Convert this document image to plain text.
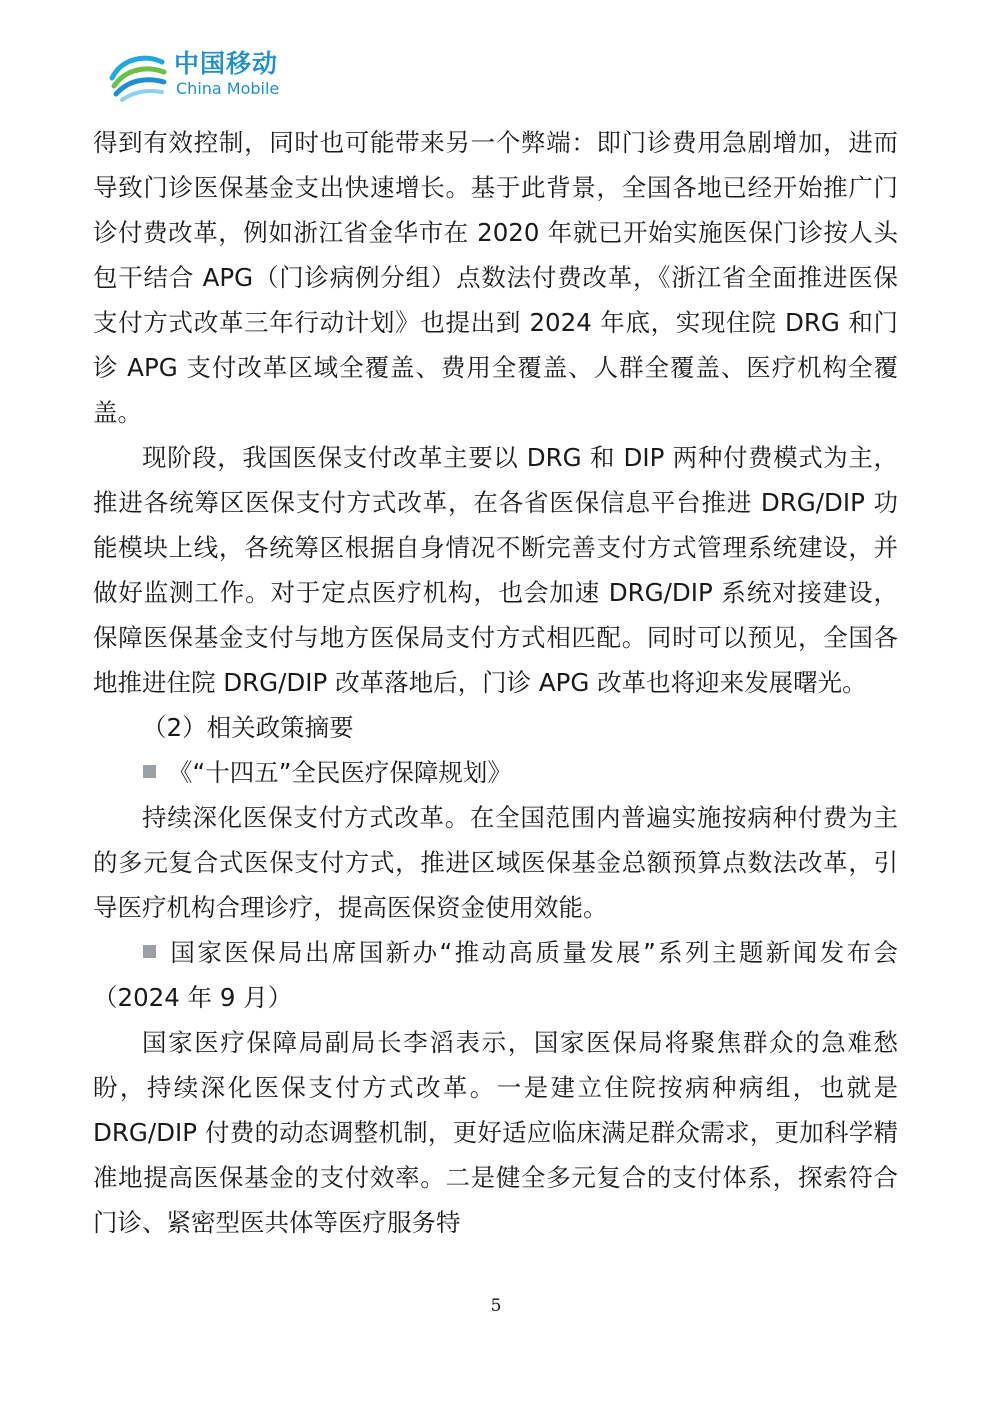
中国移动
China Mobile

得到有效控制，同时也可能带来另一个弊端：即门诊费用急剧增加，进而导致门诊医保基金支出快速增长。基于此背景，全国各地已经开始推广门诊付费改革，例如浙江省金华市在 2020 年就已开始实施医保门诊按人头包干结合 APG（门诊病例分组）点数法付费改革，《浙江省全面推进医保支付方式改革三年行动计划》也提出到 2024 年底，实现住院 DRG 和门诊 APG 支付改革区域全覆盖、费用全覆盖、人群全覆盖、医疗机构全覆盖。

现阶段，我国医保支付改革主要以 DRG 和 DIP 两种付费模式为主，推进各统筹区医保支付方式改革，在各省医保信息平台推进 DRG/DIP 功能模块上线，各统筹区根据自身情况不断完善支付方式管理系统建设，并做好监测工作。对于定点医疗机构，也会加速 DRG/DIP 系统对接建设，保障医保基金支付与地方医保局支付方式相匹配。同时可以预见，全国各地推进住院 DRG/DIP 改革落地后，门诊 APG 改革也将迎来发展曙光。

（2）相关政策摘要

《“十四五”全民医疗保障规划》

持续深化医保支付方式改革。在全国范围内普遍实施按病种付费为主的多元复合式医保支付方式，推进区域医保基金总额预算点数法改革，引导医疗机构合理诊疗，提高医保资金使用效能。

国家医保局出席国新办“推动高质量发展”系列主题新闻发布会（2024 年 9 月）

国家医疗保障局副局长李滔表示，国家医保局将聚焦群众的急难愁盼，持续深化医保支付方式改革。一是建立住院按病种病组，也就是 DRG/DIP 付费的动态调整机制，更好适应临床满足群众需求，更加科学精准地提高医保基金的支付效率。二是健全多元复合的支付体系，探索符合门诊、紧密型医共体等医疗服务特

5
